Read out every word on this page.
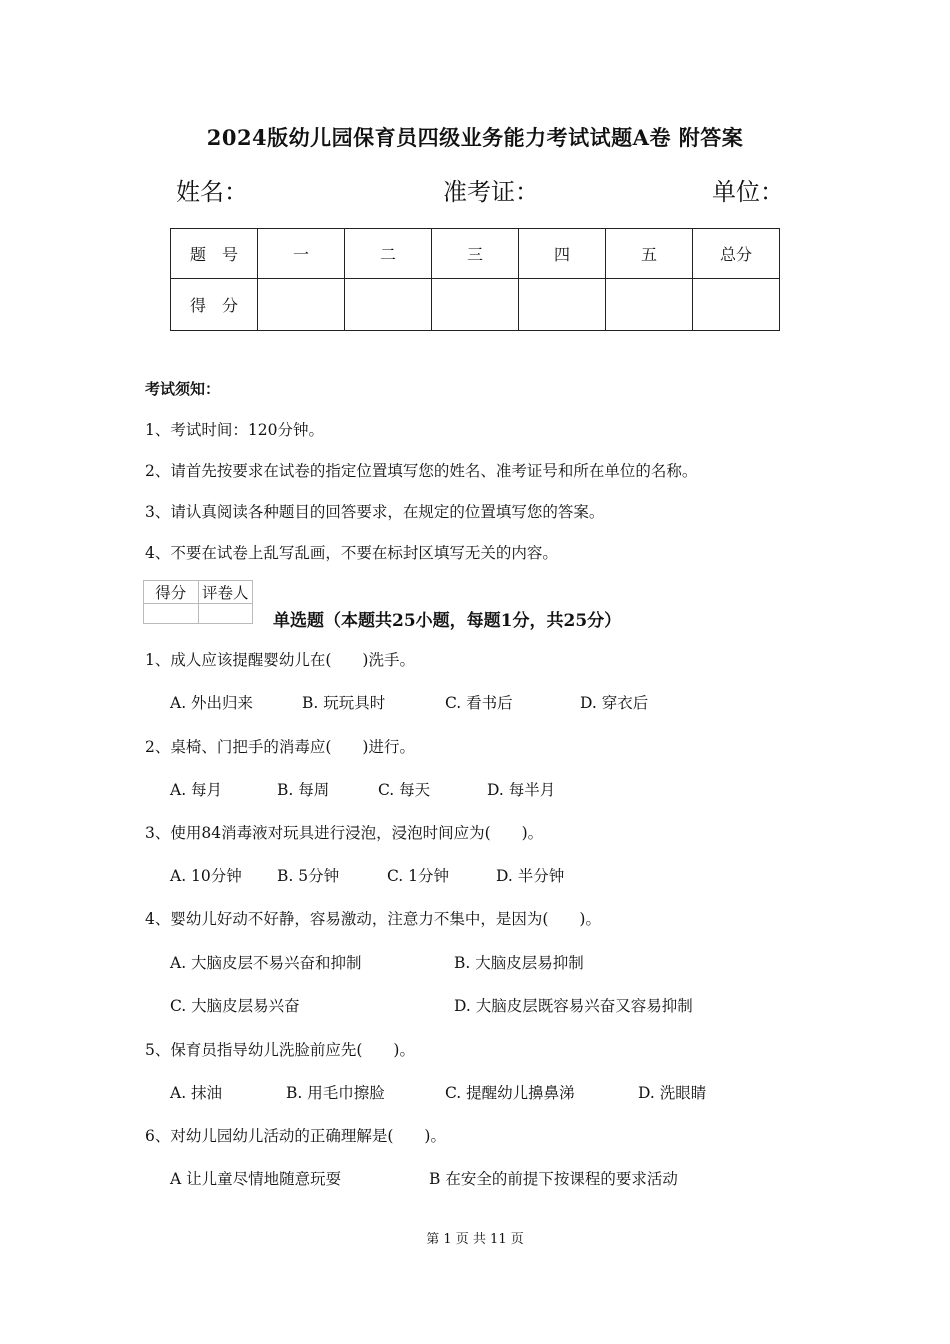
2024版幼儿园保育员四级业务能力考试试题A卷 附答案
姓名：	准考证：	单位：
题　号	一	二	三	四	五	总分
得　分						
考试须知：
1、考试时间：120分钟。
2、请首先按要求在试卷的指定位置填写您的姓名、准考证号和所在单位的名称。
3、请认真阅读各种题目的回答要求，在规定的位置填写您的答案。
4、不要在试卷上乱写乱画，不要在标封区填写无关的内容。
得分	评卷人

单选题（本题共25小题，每题1分，共25分）
1、成人应该提醒婴幼儿在(　　)洗手。
A. 外出归来	B. 玩玩具时	C. 看书后	D. 穿衣后
2、桌椅、门把手的消毒应(　　)进行。
A. 每月	B. 每周	C. 每天	D. 每半月
3、使用84消毒液对玩具进行浸泡，浸泡时间应为(　　)。
A. 10分钟 B. 5分钟	C. 1分钟	D. 半分钟
4、婴幼儿好动不好静，容易激动，注意力不集中，是因为(　　)。
A. 大脑皮层不易兴奋和抑制	B. 大脑皮层易抑制
C. 大脑皮层易兴奋	D. 大脑皮层既容易兴奋又容易抑制
5、保育员指导幼儿洗脸前应先(　　)。
A. 抹油	B. 用毛巾擦脸	C. 提醒幼儿擤鼻涕	D. 洗眼睛
6、对幼儿园幼儿活动的正确理解是(　　)。
A 让儿童尽情地随意玩耍	B 在安全的前提下按课程的要求活动
第 1 页 共 11 页
